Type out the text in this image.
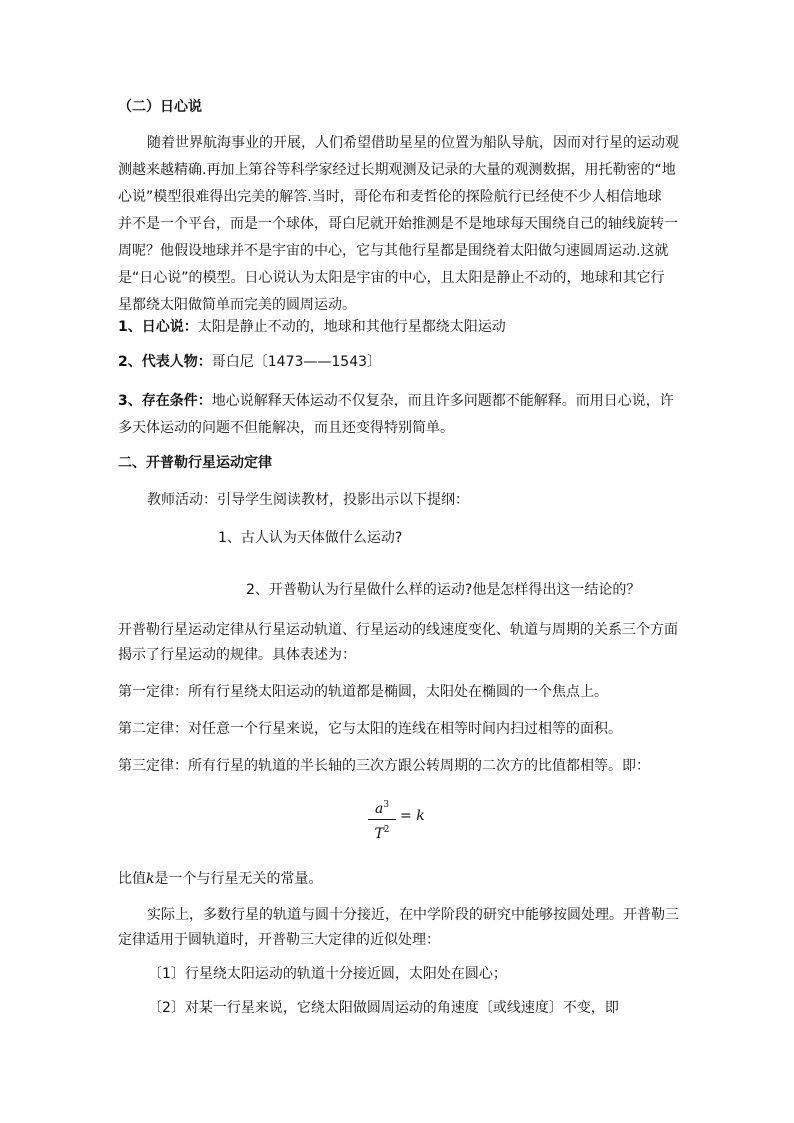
（二）日心说
随着世界航海事业的开展，人们希望借助星星的位置为船队导航，因而对行星的运动观
测越来越精确.再加上第谷等科学家经过长期观测及记录的大量的观测数据，用托勒密的“地
心说”模型很难得出完美的解答.当时，哥伦布和麦哲伦的探险航行已经使不少人相信地球
并不是一个平台，而是一个球体，哥白尼就开始推测是不是地球每天围绕自己的轴线旋转一
周呢？他假设地球并不是宇宙的中心，它与其他行星都是围绕着太阳做匀速圆周运动.这就
是“日心说”的模型。日心说认为太阳是宇宙的中心，且太阳是静止不动的，地球和其它行
星都绕太阳做简单而完美的圆周运动。
1、日心说：太阳是静止不动的，地球和其他行星都绕太阳运动
2、代表人物：哥白尼〔1473——1543〕
3、存在条件：地心说解释天体运动不仅复杂，而且许多问题都不能解释。而用日心说，许
多天体运动的问题不但能解决，而且还变得特别简单。
二、开普勒行星运动定律
教师活动：引导学生阅读教材，投影出示以下提纲：
1、古人认为天体做什么运动?
2、开普勒认为行星做什么样的运动?他是怎样得出这一结论的？
开普勒行星运动定律从行星运动轨道、行星运动的线速度变化、轨道与周期的关系三个方面
揭示了行星运动的规律。具体表述为：
第一定律：所有行星绕太阳运动的轨道都是椭圆，太阳处在椭圆的一个焦点上。
第二定律：对任意一个行星来说，它与太阳的连线在相等时间内扫过相等的面积。
第三定律：所有行星的轨道的半长轴的三次方跟公转周期的二次方的比值都相等。即：
$a^3$
$T^2$
= k
比值k是一个与行星无关的常量。
实际上，多数行星的轨道与圆十分接近，在中学阶段的研究中能够按圆处理。开普勒三
定律适用于圆轨道时，开普勒三大定律的近似处理：
〔1〕行星绕太阳运动的轨道十分接近圆，太阳处在圆心；
〔2〕对某一行星来说，它绕太阳做圆周运动的角速度〔或线速度〕不变，即
